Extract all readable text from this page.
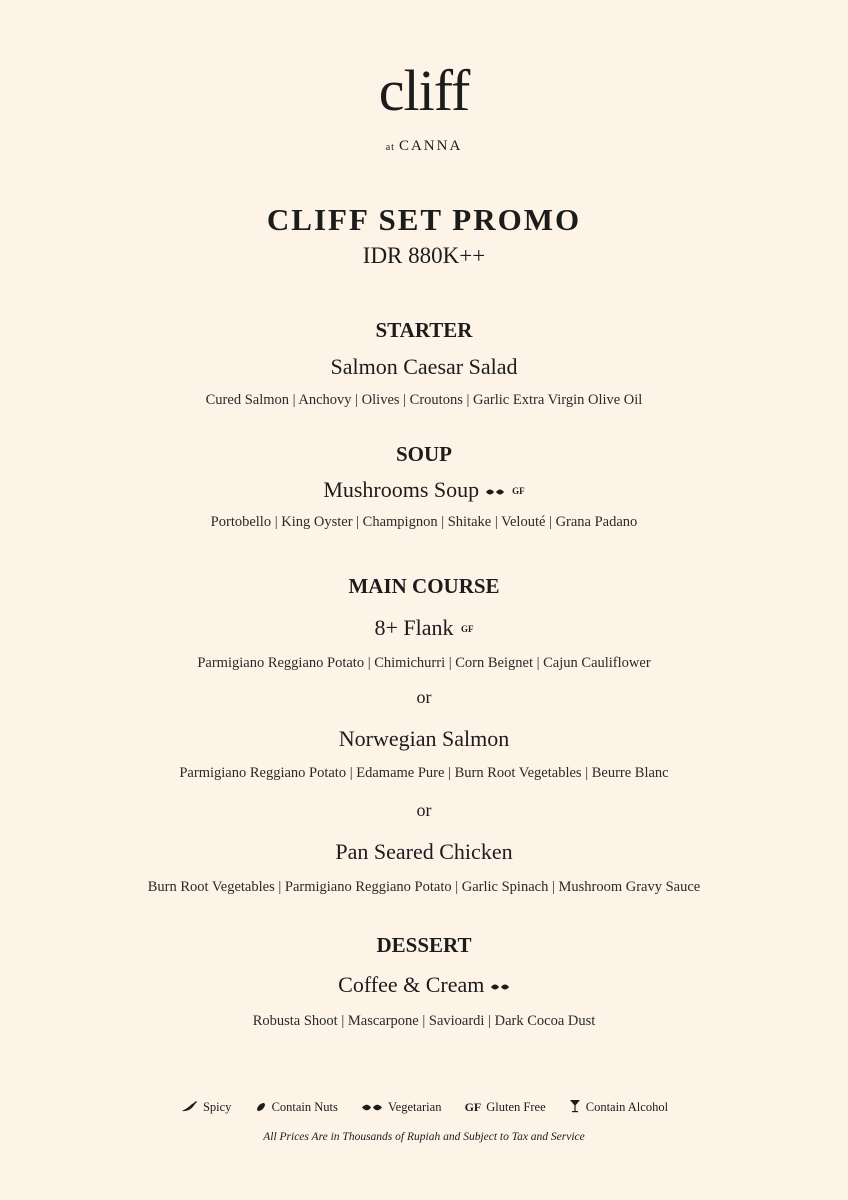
cliff
at CANNA
CLIFF SET PROMO
IDR 880K++
STARTER
Salmon Caesar Salad
Cured Salmon | Anchovy | Olives | Croutons | Garlic Extra Virgin Olive Oil
SOUP
Mushrooms Soup	GF
Portobello | King Oyster | Champignon | Shitake | Velouté | Grana Padano
MAIN COURSE
8+ Flank GF
Parmigiano Reggiano Potato | Chimichurri | Corn Beignet | Cajun Cauliflower
or
Norwegian Salmon
Parmigiano Reggiano Potato | Edamame Pure | Burn Root Vegetables | Beurre Blanc
or
Pan Seared Chicken
Burn Root Vegetables | Parmigiano Reggiano Potato | Garlic Spinach | Mushroom Gravy Sauce
DESSERT
Coffee & Cream
Robusta Shoot | Mascarpone | Savioardi | Dark Cocoa Dust
Spicy	Contain Nuts	Vegetarian GF Gluten Free	Contain Alcohol
All Prices Are in Thousands of Rupiah and Subject to Tax and Service
